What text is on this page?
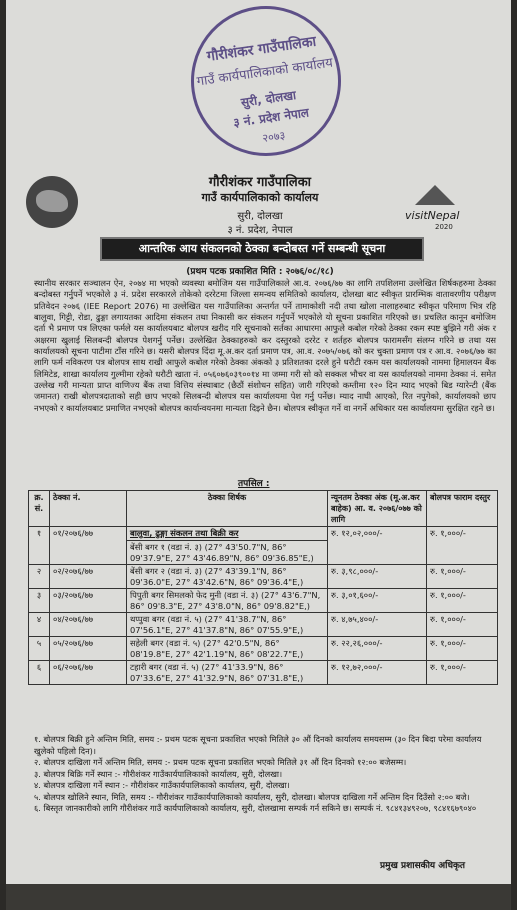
गौरीशंकर गाउँपालिका
गाउँ कार्यपालिकाको कार्यालय
सुरी, दोलखा
३ नं. प्रदेश नेपाल
२०७३
visitNepal
2020
गौरीशंकर गाउँपालिका
गाउँ कार्यपालिकाको कार्यालय
सुरी, दोलखा
३ नं. प्रदेश, नेपाल
आन्तरिक आय संकलनको ठेक्का बन्दोबस्त गर्ने सम्बन्धी सूचना
(प्रथम पटक प्रकाशित मिति : २०७६/०८/१८)

स्थानीय सरकार सञ्चालन ऐन, २०७४ मा भएको व्यवस्था बमोजिम यस गाउँपालिकाले आ.व. २०७६/७७ का लागि तपशिलमा उल्लेखित शिर्षकहरुमा ठेक्का बन्दोबस्त गर्नुपर्ने भएकोले ३ नं. प्रदेश सरकारले तोकेको दररेटमा जिल्ला समन्वय समितिको कार्यालय, दोलखा बाट स्वीकृत प्रारम्भिक वातावरणीय परीक्षण प्रतिवेदन २०७६ (IEE Report 2076) मा उल्लेखित यस गाउँपालिका अन्तर्गत पर्ने तामाकोशी नदी तथा खोला नालाहरुबाट स्वीकृत परिमाण भित्र रहि बालुवा, गिट्टी, रोडा, ढुङ्गा लगायतका आदिमा संकलन तथा निकासी कर संकलन गर्नुपर्ने भएकोले यो सूचना प्रकाशित गरिएको छ। प्रचलित कानून बमोजिम दर्ता भै प्रमाण पत्र लिएका फर्मले यस कार्यालयबाट बोलपत्र खरीद गरि सूचनाको सर्तका आधारमा आफुले कबोल गरेको ठेक्का रकम स्पष्ट बुझिने गरी अंक र अक्षरमा खुलाई सिलबन्दी बोलपत्र पेशगर्नु पर्नेछ। उल्लेखित ठेक्काहरुको कर दस्तुरको दररेट र शर्तहरु बोलपत्र फारामसँग संलग्न गरिने छ तथा यस कार्यालयको सूचना पाटीमा टाँस गरिने छ। यसरी बोलपत्र दिंदा मू.अ.कर दर्ता प्रमाण पत्र, आ.व. २०७५/०७६ को कर चुक्ता प्रमाण पत्र र आ.व. २०७६/७७ का लागि फर्म नविकरण पत्र बोलपत्र साथ राखी आफुले कबोल गरेको ठेक्का अंकको ३ प्रतिशतका दरले हुने धरौटी रकम यस कार्यालयको नाममा हिमालयन बैंक लिमिटेड, शाखा कार्यालय गुल्मीमा रहेको धरौटी खाता नं. ०५६०७६०३९००१४ मा जम्मा गरी सो को सक्कल भौचर वा यस कार्यालयको नाममा ठेक्का नं. समेत उल्लेख गरी मान्यता प्राप्त वाणिज्य बैंक तथा वित्तिय संस्थाबाट (छैठौं संशोधन सहित) जारी गरिएको कम्तीमा १२० दिन म्याद भएको बिड ग्यारेन्टी (बैंक जमानत) राखी बोलपत्रदाताको सही छाप भएको सिलबन्दी बोलपत्र यस कार्यालयमा पेश गर्नु पर्नेछ। म्याद नाघी आएको, रित नपुगेको, कार्यालयको छाप नभएको र कार्यालयबाट प्रमाणित नभएको बोलपत्र कार्यान्वयनमा मान्यता दिइने छैन। बोलपत्र स्वीकृत गर्ने वा नगर्ने अधिकार यस कार्यालयमा सुरक्षित रहने छ।

तपसिल :
क्र. सं.	ठेक्का नं.	ठेक्का शिर्षक	न्यूनतम ठेक्का अंक (मू.अ.कर बाहेक) आ. व. २०७६/०७७ को लागि	बोलपत्र फाराम दस्तुर
१	०१/२०७६/७७	बालुवा, ढुङ्गा संकलन तथा बिक्री कर	रु. १२,०२,०००/-	रु. १,०००/-
		बेंसी बगर १ (वडा नं. ३) (27° 43'50.7"N, 86° 09'37.9"E, 27° 43'46.89"N, 86° 09'36.85"E,)		
२	०२/२०७६/७७	बेंसी बगर २ (वडा नं. ३) (27° 43'39.1"N, 86° 09'36.0"E, 27° 43'42.6"N, 86° 09'36.4"E,)	रु. ३,९८,०००/-	रु. १,०००/-
३	०३/२०७६/७७	पिपुती बगर सिमलको फेद मुनी (वडा नं. ३) (27° 43'6.7"N, 86° 09'8.3"E, 27° 43'8.0"N, 86° 09'8.82"E,)	रु. ३,०१,६००/-	रु. १,०००/-
४	०४/२०७६/७७	थप्पुवा बगर (वडा नं. ५) (27° 41'38.7"N, 86° 07'56.1"E, 27° 41'37.8"N, 86° 07'55.9"E,)	रु. ४,७५,४००/-	रु. १,०००/-
५	०५/२०७६/७७	सहेली बगर (वडा नं. ५) (27° 42'0.5"N, 86° 08'19.8"E, 27° 42'1.19"N, 86° 08'22.7"E,)	रु. २२,२६,०००/-	रु. १,०००/-
६	०६/२०७६/७७	टहारी बगर (वडा नं. ५) (27° 41'33.9"N, 86° 07'33.6"E, 27° 41'32.9"N, 86° 07'31.8"E,)	रु. १२,७२,०००/-	रु. १,०००/-
१. बोलपत्र बिक्री हुने अन्तिम मिति, समय :- प्रथम पटक सूचना प्रकाशित भएको मितिले ३० औं दिनको कार्यालय समयसम्म (३० दिन बिदा परेमा कार्यालय खुलेको पहिलो दिन)।
२. बोलपत्र दाखिला गर्ने अन्तिम मिति, समय :- प्रथम पटक सूचना प्रकाशित भएको मितिले ३१ औं दिन दिनको १२:०० बजेसम्म।
३. बोलपत्र बिक्रि गर्ने स्थान :- गौरीशंकर गाउँकार्यपालिकाको कार्यालय, सुरी, दोलखा।
४. बोलपत्र दाखिला गर्ने स्थान :- गौरीशंकर गाउँकार्यपालिकाको कार्यालय, सुरी, दोलखा।
५. बोलपत्र खोलिने स्थान, मिति, समय :- गौरीशंकर गाउँकार्यपालिकाको कार्यालय, सुरी, दोलखा। बोलपत्र दाखिला गर्ने अन्तिम दिन दिउँसो २:०० बजे।
६. बिस्तृत जानकारीको लागि गौरीशंकर गाउँ कार्यपालिकाको कार्यालय, सुरी, दोलखामा सम्पर्क गर्न सकिने छ। सम्पर्क नं. ९८४१३४९२०७, ९८४१६७९०४०
प्रमुख प्रशासकीय अधिकृत
